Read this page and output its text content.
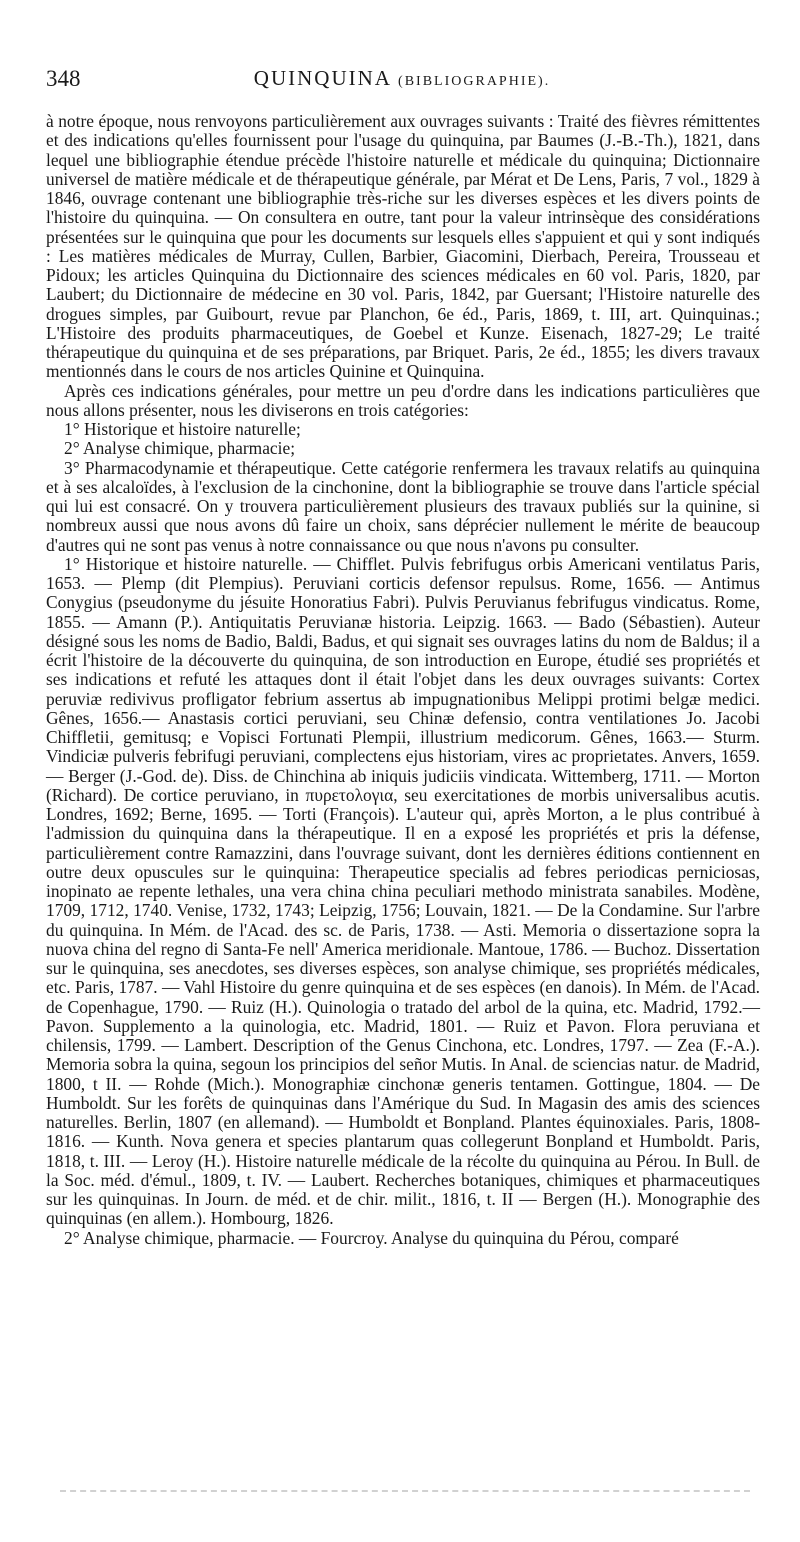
348	QUINQUINA (BIBLIOGRAPHIE).

à notre époque, nous renvoyons particulièrement aux ouvrages suivants : Traité des fièvres rémittentes et des indications qu'elles fournissent pour l'usage du quinquina, par Baumes (J.-B.-Th.), 1821, dans lequel une bibliographie étendue précède l'histoire naturelle et médicale du quinquina; Dictionnaire universel de matière médicale et de thérapeutique générale, par Mérat et De Lens, Paris, 7 vol., 1829 à 1846, ouvrage contenant une bibliographie très-riche sur les diverses espèces et les divers points de l'histoire du quinquina. — On consultera en outre, tant pour la valeur intrinsèque des considérations présentées sur le quinquina que pour les documents sur lesquels elles s'appuient et qui y sont indiqués : Les matières médicales de Murray, Cullen, Barbier, Giacomini, Dierbach, Pereira, Trousseau et Pidoux; les articles Quinquina du Dictionnaire des sciences médicales en 60 vol. Paris, 1820, par Laubert; du Dictionnaire de médecine en 30 vol. Paris, 1842, par Guersant; l'Histoire naturelle des drogues simples, par Guibourt, revue par Planchon, 6e éd., Paris, 1869, t. III, art. Quinquinas.; L'Histoire des produits pharmaceutiques, de Goebel et Kunze. Eisenach, 1827-29; Le traité thérapeutique du quinquina et de ses préparations, par Briquet. Paris, 2e éd., 1855; les divers travaux mentionnés dans le cours de nos articles Quinine et Quinquina.

Après ces indications générales, pour mettre un peu d'ordre dans les indications particulières que nous allons présenter, nous les diviserons en trois catégories:

1° Historique et histoire naturelle;

2° Analyse chimique, pharmacie;

3° Pharmacodynamie et thérapeutique. Cette catégorie renfermera les travaux relatifs au quinquina et à ses alcaloïdes, à l'exclusion de la cinchonine, dont la bibliographie se trouve dans l'article spécial qui lui est consacré. On y trouvera particulièrement plusieurs des travaux publiés sur la quinine, si nombreux aussi que nous avons dû faire un choix, sans déprécier nullement le mérite de beaucoup d'autres qui ne sont pas venus à notre connaissance ou que nous n'avons pu consulter.

1° Historique et histoire naturelle. — Chifflet. Pulvis febrifugus orbis Americani ventilatus Paris, 1653. — Plemp (dit Plempius). Peruviani corticis defensor repulsus. Rome, 1656. — Antimus Conygius (pseudonyme du jésuite Honoratius Fabri). Pulvis Peruvianus febrifugus vindicatus. Rome, 1855. — Amann (P.). Antiquitatis Peruvianæ historia. Leipzig. 1663. — Bado (Sébastien). Auteur désigné sous les noms de Badio, Baldi, Badus, et qui signait ses ouvrages latins du nom de Baldus; il a écrit l'histoire de la découverte du quinquina, de son introduction en Europe, étudié ses propriétés et ses indications et refuté les attaques dont il était l'objet dans les deux ouvrages suivants: Cortex peruviæ redivivus profligator febrium assertus ab impugnationibus Melippi protimi belgæ medici. Gênes, 1656.— Anastasis cortici peruviani, seu Chinæ defensio, contra ventilationes Jo. Jacobi Chiffletii, gemitusq; e Vopisci Fortunati Plempii, illustrium medicorum. Gênes, 1663.— Sturm. Vindiciæ pulveris febrifugi peruviani, complectens ejus historiam, vires ac proprietates. Anvers, 1659. — Berger (J.-God. de). Diss. de Chinchina ab iniquis judiciis vindicata. Wittemberg, 1711. — Morton (Richard). De cortice peruviano, in πυρετολογια, seu exercitationes de morbis universalibus acutis. Londres, 1692; Berne, 1695. — Torti (François). L'auteur qui, après Morton, a le plus contribué à l'admission du quinquina dans la thérapeutique. Il en a exposé les propriétés et pris la défense, particulièrement contre Ramazzini, dans l'ouvrage suivant, dont les dernières éditions contiennent en outre deux opuscules sur le quinquina: Therapeutice specialis ad febres periodicas perniciosas, inopinato ae repente lethales, una vera china china peculiari methodo ministrata sanabiles. Modène, 1709, 1712, 1740. Venise, 1732, 1743; Leipzig, 1756; Louvain, 1821. — De la Condamine. Sur l'arbre du quinquina. In Mém. de l'Acad. des sc. de Paris, 1738. — Asti. Memoria o dissertazione sopra la nuova china del regno di Santa-Fe nell' America meridionale. Mantoue, 1786. — Buchoz. Dissertation sur le quinquina, ses anecdotes, ses diverses espèces, son analyse chimique, ses propriétés médicales, etc. Paris, 1787. — Vahl Histoire du genre quinquina et de ses espèces (en danois). In Mém. de l'Acad. de Copenhague, 1790. — Ruiz (H.). Quinologia o tratado del arbol de la quina, etc. Madrid, 1792.—Pavon. Supplemento a la quinologia, etc. Madrid, 1801. — Ruiz et Pavon. Flora peruviana et chilensis, 1799. — Lambert. Description of the Genus Cinchona, etc. Londres, 1797. — Zea (F.-A.). Memoria sobra la quina, segoun los principios del señor Mutis. In Anal. de sciencias natur. de Madrid, 1800, t II. — Rohde (Mich.). Monographiæ cinchonæ generis tentamen. Gottingue, 1804. — De Humboldt. Sur les forêts de quinquinas dans l'Amérique du Sud. In Magasin des amis des sciences naturelles. Berlin, 1807 (en allemand). — Humboldt et Bonpland. Plantes équinoxiales. Paris, 1808-1816. — Kunth. Nova genera et species plantarum quas collegerunt Bonpland et Humboldt. Paris, 1818, t. III. — Leroy (H.). Histoire naturelle médicale de la récolte du quinquina au Pérou. In Bull. de la Soc. méd. d'émul., 1809, t. IV. — Laubert. Recherches botaniques, chimiques et pharmaceutiques sur les quinquinas. In Journ. de méd. et de chir. milit., 1816, t. II — Bergen (H.). Monographie des quinquinas (en allem.). Hombourg, 1826.

2° Analyse chimique, pharmacie. — Fourcroy. Analyse du quinquina du Pérou, comparé
